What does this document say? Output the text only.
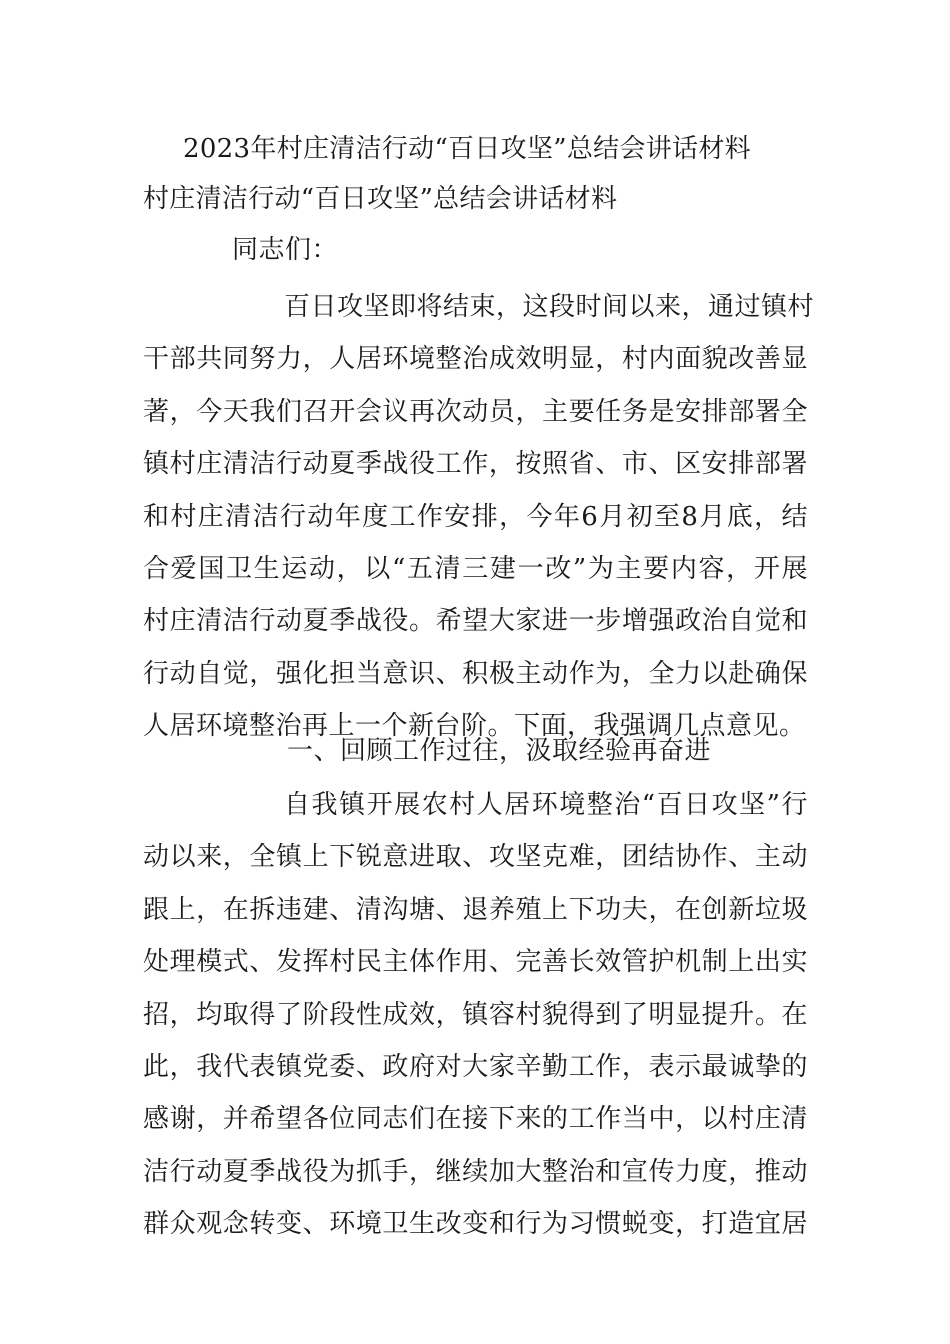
2023年村庄清洁行动“百日攻坚”总结会讲话材料
村庄清洁行动“百日攻坚”总结会讲话材料
同志们：
百日攻坚即将结束，这段时间以来，通过镇村
干部共同努力，人居环境整治成效明显，村内面貌改善显
著，今天我们召开会议再次动员，主要任务是安排部署全
镇村庄清洁行动夏季战役工作，按照省、市、区安排部署
和村庄清洁行动年度工作安排，今年6月初至8月底，结
合爱国卫生运动，以“五清三建一改”为主要内容，开展
村庄清洁行动夏季战役。希望大家进一步增强政治自觉和
行动自觉，强化担当意识、积极主动作为，全力以赴确保
人居环境整治再上一个新台阶。下面，我强调几点意见。
一、回顾工作过往，汲取经验再奋进
自我镇开展农村人居环境整治“百日攻坚”行
动以来，全镇上下锐意进取、攻坚克难，团结协作、主动
跟上，在拆违建、清沟塘、退养殖上下功夫，在创新垃圾
处理模式、发挥村民主体作用、完善长效管护机制上出实
招，均取得了阶段性成效，镇容村貌得到了明显提升。在
此，我代表镇党委、政府对大家辛勤工作，表示最诚挚的
感谢，并希望各位同志们在接下来的工作当中，以村庄清
洁行动夏季战役为抓手，继续加大整治和宣传力度，推动
群众观念转变、环境卫生改变和行为习惯蜕变，打造宜居
